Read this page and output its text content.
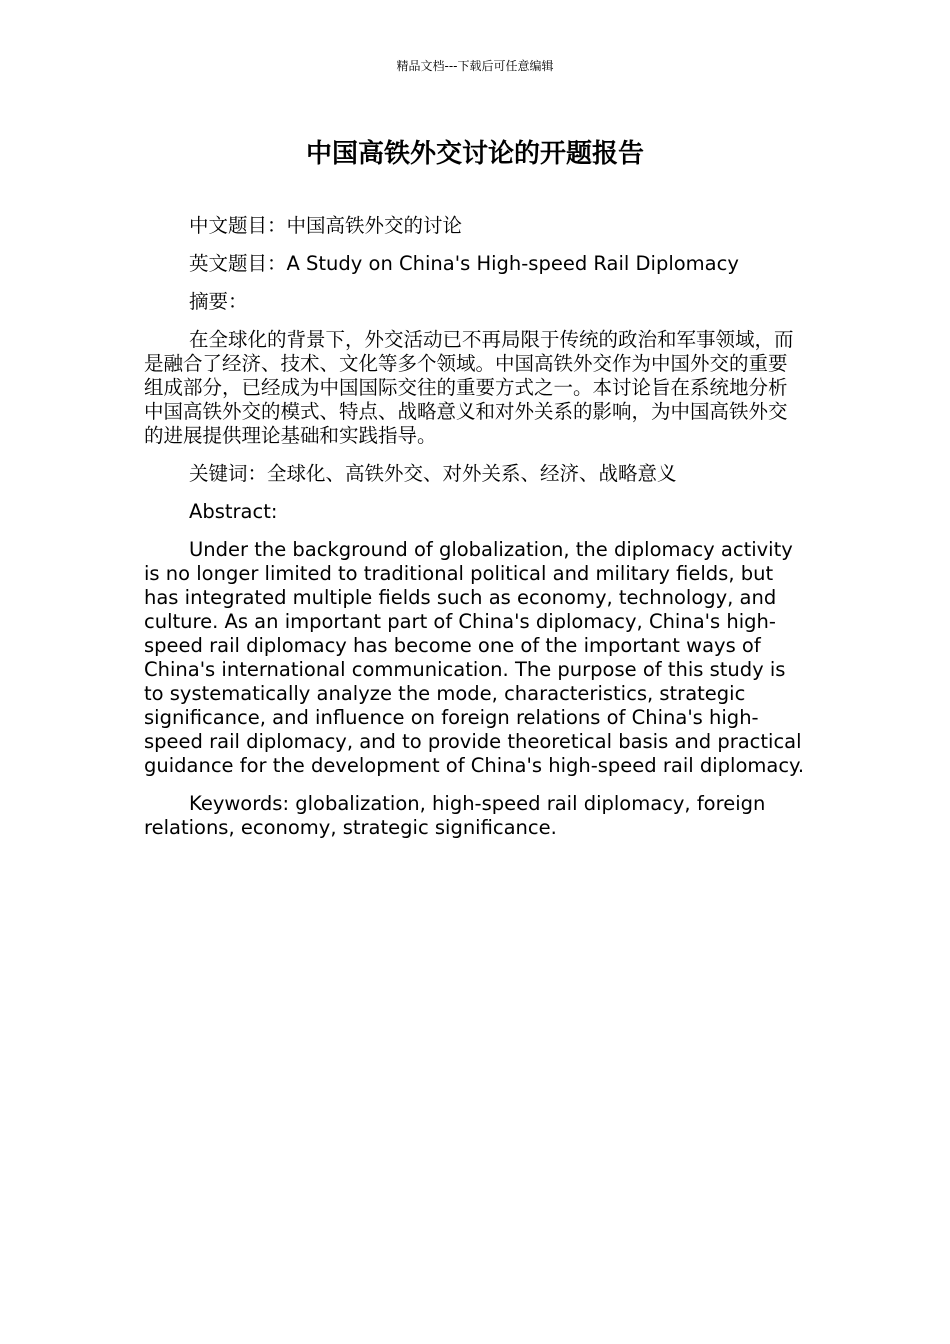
精品文档---下载后可任意编辑
中国高铁外交讨论的开题报告

中文题目：中国高铁外交的讨论

英文题目：A Study on China's High-speed Rail Diplomacy

摘要：

在全球化的背景下，外交活动已不再局限于传统的政治和军事领域，而是融合了经济、技术、文化等多个领域。中国高铁外交作为中国外交的重要组成部分，已经成为中国国际交往的重要方式之一。本讨论旨在系统地分析中国高铁外交的模式、特点、战略意义和对外关系的影响，为中国高铁外交的进展提供理论基础和实践指导。

关键词：全球化、高铁外交、对外关系、经济、战略意义

Abstract:

Under the background of globalization, the diplomacy activity is no longer limited to traditional political and military fields, but has integrated multiple fields such as economy, technology, and culture. As an important part of China's diplomacy, China's high-speed rail diplomacy has become one of the important ways of China's international communication. The purpose of this study is to systematically analyze the mode, characteristics, strategic significance, and influence on foreign relations of China's high-speed rail diplomacy, and to provide theoretical basis and practical guidance for the development of China's high-speed rail diplomacy.

Keywords: globalization, high-speed rail diplomacy, foreign relations, economy, strategic significance.
